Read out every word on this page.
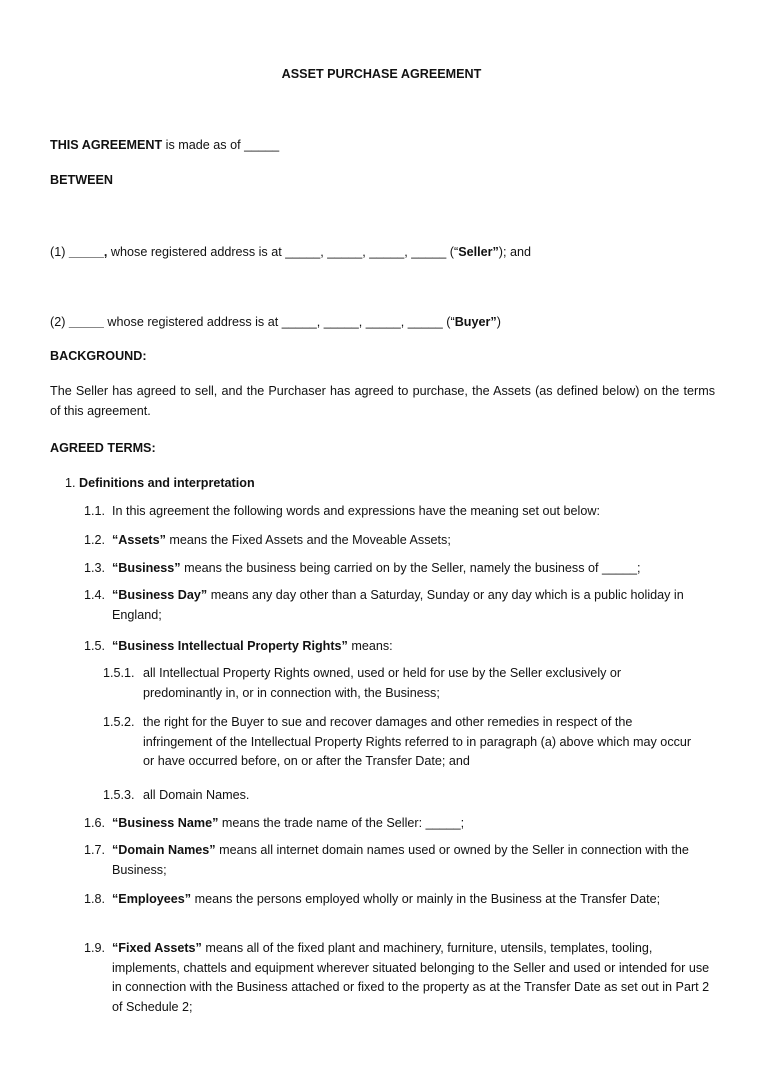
ASSET PURCHASE AGREEMENT
THIS AGREEMENT is made as of _____
BETWEEN
(1) _____, whose registered address is at _____, _____, _____, _____ (“Seller”); and
(2) _____ whose registered address is at _____, _____, _____, _____ (“Buyer”)
BACKGROUND:
The Seller has agreed to sell, and the Purchaser has agreed to purchase, the Assets (as defined below) on the terms of this agreement.
AGREED TERMS:
1. Definitions and interpretation
1.1. In this agreement the following words and expressions have the meaning set out below:
1.2. “Assets” means the Fixed Assets and the Moveable Assets;
1.3. “Business” means the business being carried on by the Seller, namely the business of _____;
1.4. “Business Day” means any day other than a Saturday, Sunday or any day which is a public holiday in England;
1.5. “Business Intellectual Property Rights” means:
1.5.1. all Intellectual Property Rights owned, used or held for use by the Seller exclusively or predominantly in, or in connection with, the Business;
1.5.2. the right for the Buyer to sue and recover damages and other remedies in respect of the infringement of the Intellectual Property Rights referred to in paragraph (a) above which may occur or have occurred before, on or after the Transfer Date; and
1.5.3. all Domain Names.
1.6. “Business Name” means the trade name of the Seller: _____;
1.7. “Domain Names” means all internet domain names used or owned by the Seller in connection with the Business;
1.8. “Employees” means the persons employed wholly or mainly in the Business at the Transfer Date;
1.9. “Fixed Assets” means all of the fixed plant and machinery, furniture, utensils, templates, tooling, implements, chattels and equipment wherever situated belonging to the Seller and used or intended for use in connection with the Business attached or fixed to the property as at the Transfer Date as set out in Part 2 of Schedule 2;
